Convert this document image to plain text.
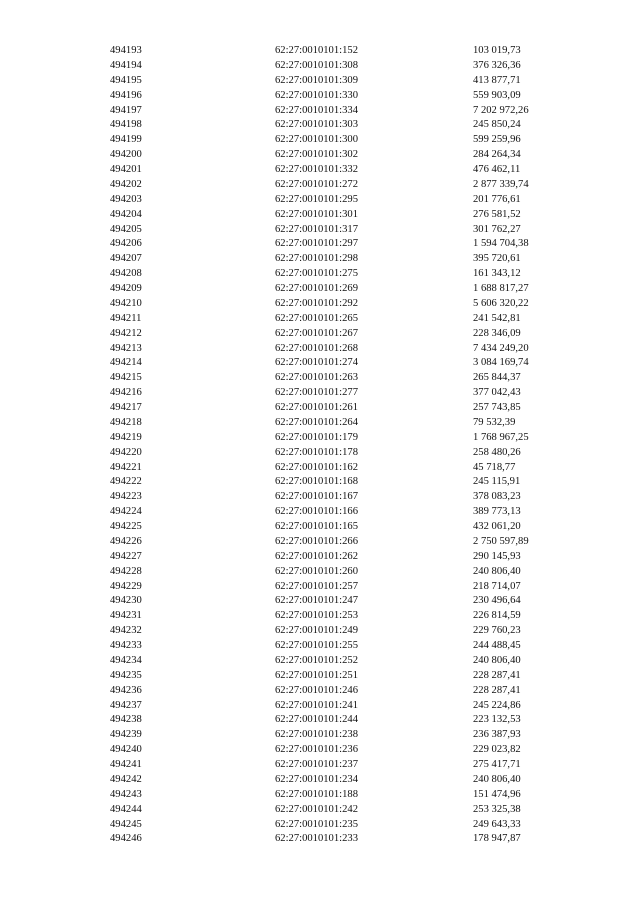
494193	62:27:0010101:152	103 019,73
494194	62:27:0010101:308	376 326,36
494195	62:27:0010101:309	413 877,71
494196	62:27:0010101:330	559 903,09
494197	62:27:0010101:334	7 202 972,26
494198	62:27:0010101:303	245 850,24
494199	62:27:0010101:300	599 259,96
494200	62:27:0010101:302	284 264,34
494201	62:27:0010101:332	476 462,11
494202	62:27:0010101:272	2 877 339,74
494203	62:27:0010101:295	201 776,61
494204	62:27:0010101:301	276 581,52
494205	62:27:0010101:317	301 762,27
494206	62:27:0010101:297	1 594 704,38
494207	62:27:0010101:298	395 720,61
494208	62:27:0010101:275	161 343,12
494209	62:27:0010101:269	1 688 817,27
494210	62:27:0010101:292	5 606 320,22
494211	62:27:0010101:265	241 542,81
494212	62:27:0010101:267	228 346,09
494213	62:27:0010101:268	7 434 249,20
494214	62:27:0010101:274	3 084 169,74
494215	62:27:0010101:263	265 844,37
494216	62:27:0010101:277	377 042,43
494217	62:27:0010101:261	257 743,85
494218	62:27:0010101:264	79 532,39
494219	62:27:0010101:179	1 768 967,25
494220	62:27:0010101:178	258 480,26
494221	62:27:0010101:162	45 718,77
494222	62:27:0010101:168	245 115,91
494223	62:27:0010101:167	378 083,23
494224	62:27:0010101:166	389 773,13
494225	62:27:0010101:165	432 061,20
494226	62:27:0010101:266	2 750 597,89
494227	62:27:0010101:262	290 145,93
494228	62:27:0010101:260	240 806,40
494229	62:27:0010101:257	218 714,07
494230	62:27:0010101:247	230 496,64
494231	62:27:0010101:253	226 814,59
494232	62:27:0010101:249	229 760,23
494233	62:27:0010101:255	244 488,45
494234	62:27:0010101:252	240 806,40
494235	62:27:0010101:251	228 287,41
494236	62:27:0010101:246	228 287,41
494237	62:27:0010101:241	245 224,86
494238	62:27:0010101:244	223 132,53
494239	62:27:0010101:238	236 387,93
494240	62:27:0010101:236	229 023,82
494241	62:27:0010101:237	275 417,71
494242	62:27:0010101:234	240 806,40
494243	62:27:0010101:188	151 474,96
494244	62:27:0010101:242	253 325,38
494245	62:27:0010101:235	249 643,33
494246	62:27:0010101:233	178 947,87
